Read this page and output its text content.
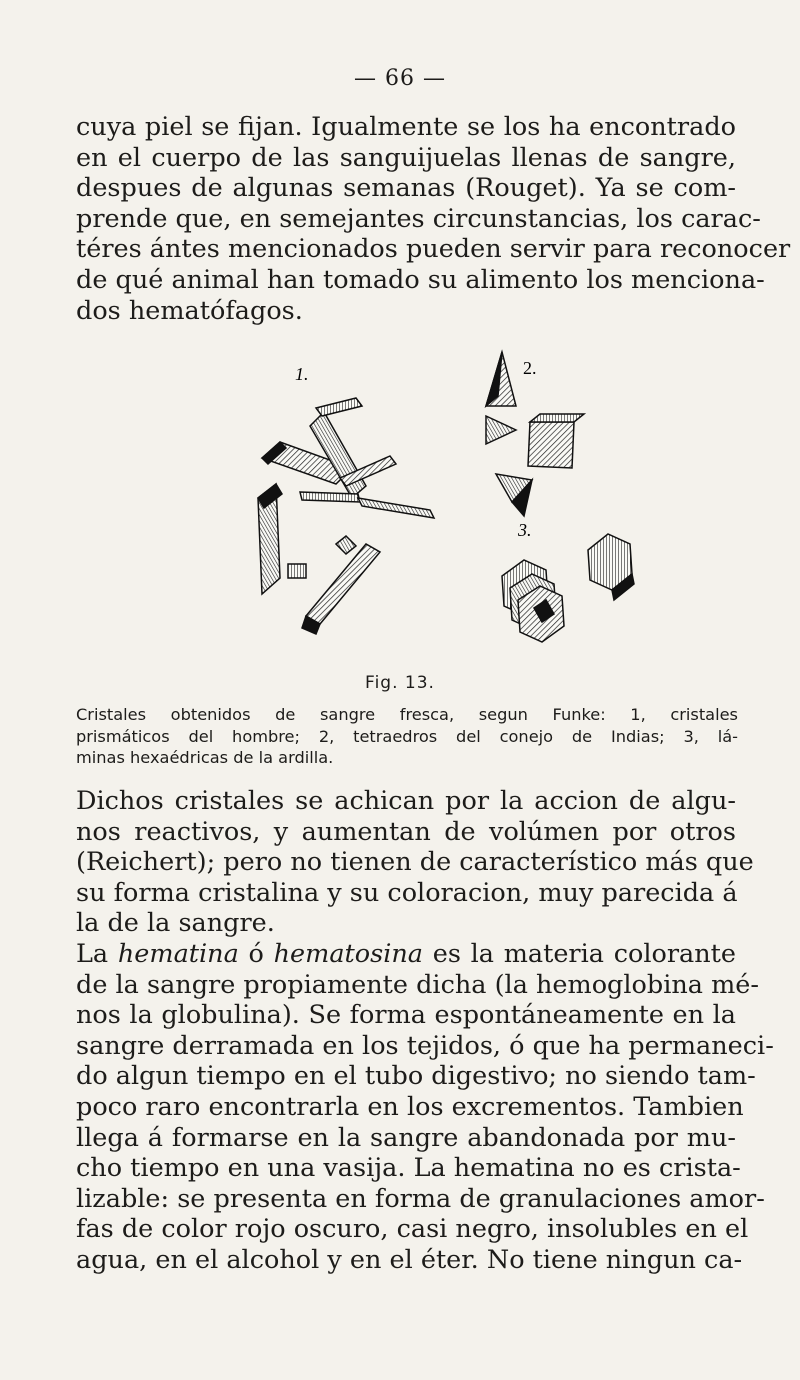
— 66 —

cuya piel se fijan. Igualmente se los ha encontrado
en el cuerpo de las sanguijuelas llenas de sangre,
despues de algunas semanas (Rouget). Ya se com-
prende que, en semejantes circunstancias, los carac-
téres ántes mencionados pueden servir para reconocer
de qué animal han tomado su alimento los menciona-
dos hematófagos.

1.	2.
3.
Fig. 13.

Cristales obtenidos de sangre fresca, segun Funke: 1, cristales
prismáticos del hombre; 2, tetraedros del conejo de Indias; 3, lá-
minas hexaédricas de la ardilla.

Dichos cristales se achican por la accion de algu-
nos reactivos, y aumentan de volúmen por otros
(Reichert); pero no tienen de característico más que
su forma cristalina y su coloracion, muy parecida á
la de la sangre.
La hematina ó hematosina es la materia colorante
de la sangre propiamente dicha (la hemoglobina mé-
nos la globulina). Se forma espontáneamente en la
sangre derramada en los tejidos, ó que ha permaneci-
do algun tiempo en el tubo digestivo; no siendo tam-
poco raro encontrarla en los excrementos. Tambien
llega á formarse en la sangre abandonada por mu-
cho tiempo en una vasija. La hematina no es crista-
lizable: se presenta en forma de granulaciones amor-
fas de color rojo oscuro, casi negro, insolubles en el
agua, en el alcohol y en el éter. No tiene ningun ca-
